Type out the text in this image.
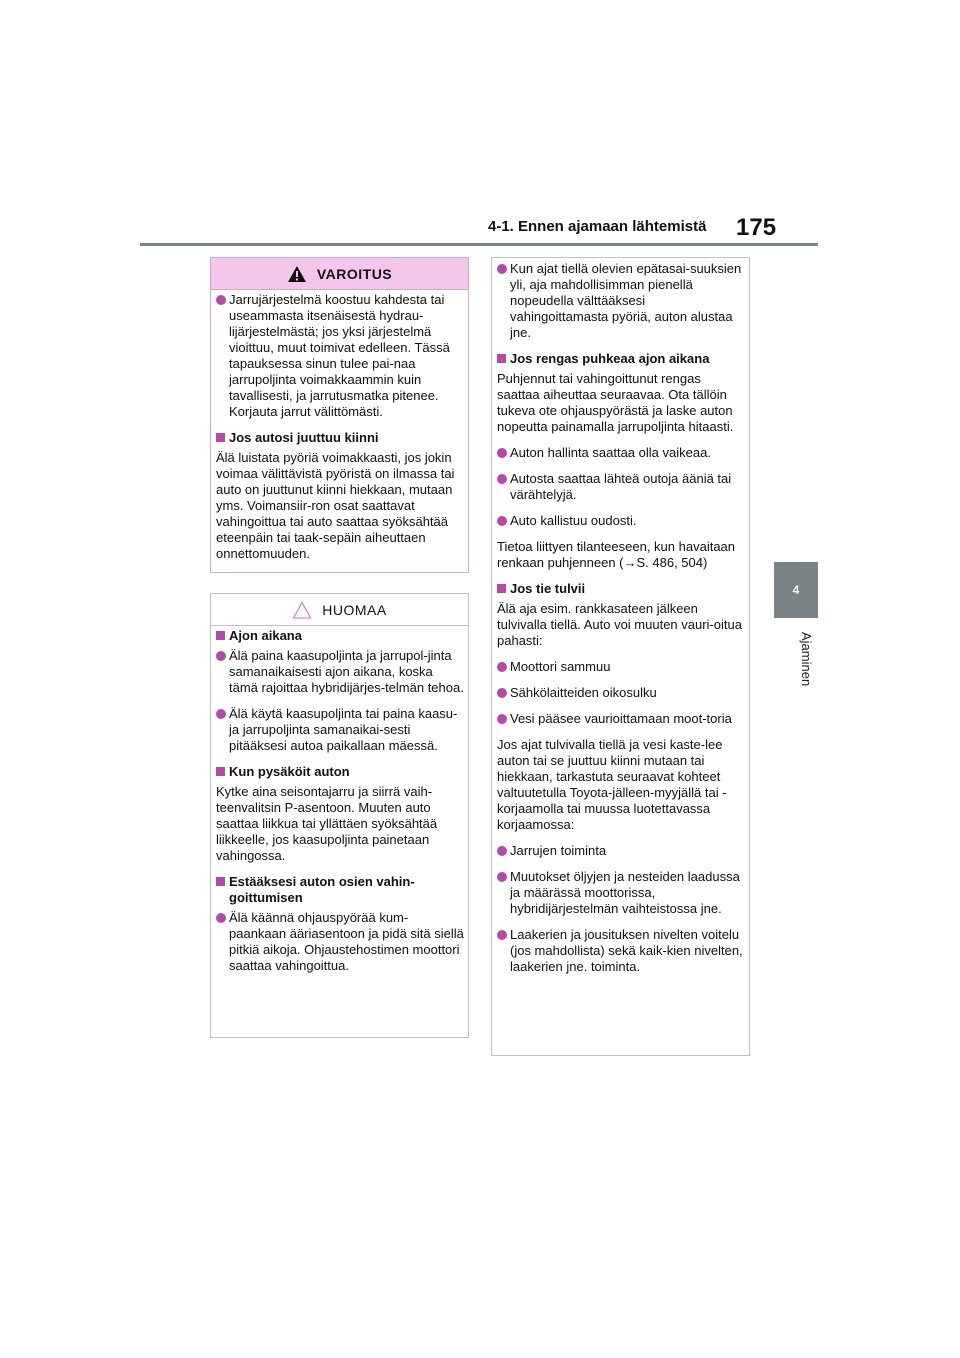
4-1. Ennen ajamaan lähtemistä 175
4
Ajaminen
VAROITUS

Jarrujärjestelmä koostuu kahdesta tai useammasta itsenäisestä hydrau-lijärjestelmästä; jos yksi järjestelmä vioittuu, muut toimivat edelleen. Tässä tapauksessa sinun tulee pai-naa jarrupoljinta voimakkaammin kuin tavallisesti, ja jarrutusmatka pitenee. Korjauta jarrut välittömästi.

Jos autosi juuttuu kiinni

Älä luistata pyöriä voimakkaasti, jos jokin voimaa välittävistä pyöristä on ilmassa tai auto on juuttunut kiinni hiekkaan, mutaan yms. Voimansiir-ron osat saattavat vahingoittua tai auto saattaa syöksähtää eteenpäin tai taak-sepäin aiheuttaen onnettomuuden.

HUOMAA

Ajon aikana

Älä paina kaasupoljinta ja jarrupol-jinta samanaikaisesti ajon aikana, koska tämä rajoittaa hybridijärjes-telmän tehoa.

Älä käytä kaasupoljinta tai paina kaasu- ja jarrupoljinta samanaikai-sesti pitääksesi autoa paikallaan mäessä.

Kun pysäköit auton

Kytke aina seisontajarru ja siirrä vaih-teenvalitsin P-asentoon. Muuten auto saattaa liikkua tai yllättäen syöksähtää liikkeelle, jos kaasupoljinta painetaan vahingossa.

Estääksesi auton osien vahin-goittumisen

Älä käännä ohjauspyörää kum-paankaan ääriasentoon ja pidä sitä siellä pitkiä aikoja. Ohjaustehostimen moottori saattaa vahingoittua.

Kun ajat tiellä olevien epätasai-suuksien yli, aja mahdollisimman pienellä nopeudella välttääksesi vahingoittamasta pyöriä, auton alustaa jne.

Jos rengas puhkeaa ajon aikana

Puhjennut tai vahingoittunut rengas saattaa aiheuttaa seuraavaa. Ota tällöin tukeva ote ohjauspyörästä ja laske auton nopeutta painamalla jarrupoljinta hitaasti.

Auton hallinta saattaa olla vaikeaa.

Autosta saattaa lähteä outoja ääniä tai värähtelyjä.

Auto kallistuu oudosti.

Tietoa liittyen tilanteeseen, kun havaitaan renkaan puhjenneen (→S. 486, 504)

Jos tie tulvii

Älä aja esim. rankkasateen jälkeen tulvivalla tiellä. Auto voi muuten vauri-oitua pahasti:

Moottori sammuu

Sähkölaitteiden oikosulku

Vesi pääsee vaurioittamaan moot-toria

Jos ajat tulvivalla tiellä ja vesi kaste-lee auton tai se juuttuu kiinni mutaan tai hiekkaan, tarkastuta seuraavat kohteet valtuutetulla Toyota-jälleen-myyjällä tai -korjaamolla tai muussa luotettavassa korjaamossa:

Jarrujen toiminta

Muutokset öljyjen ja nesteiden laadussa ja määrässä moottorissa, hybridijärjestelmän vaihteistossa jne.

Laakerien ja jousituksen nivelten voitelu (jos mahdollista) sekä kaik-kien nivelten, laakerien jne. toiminta.
